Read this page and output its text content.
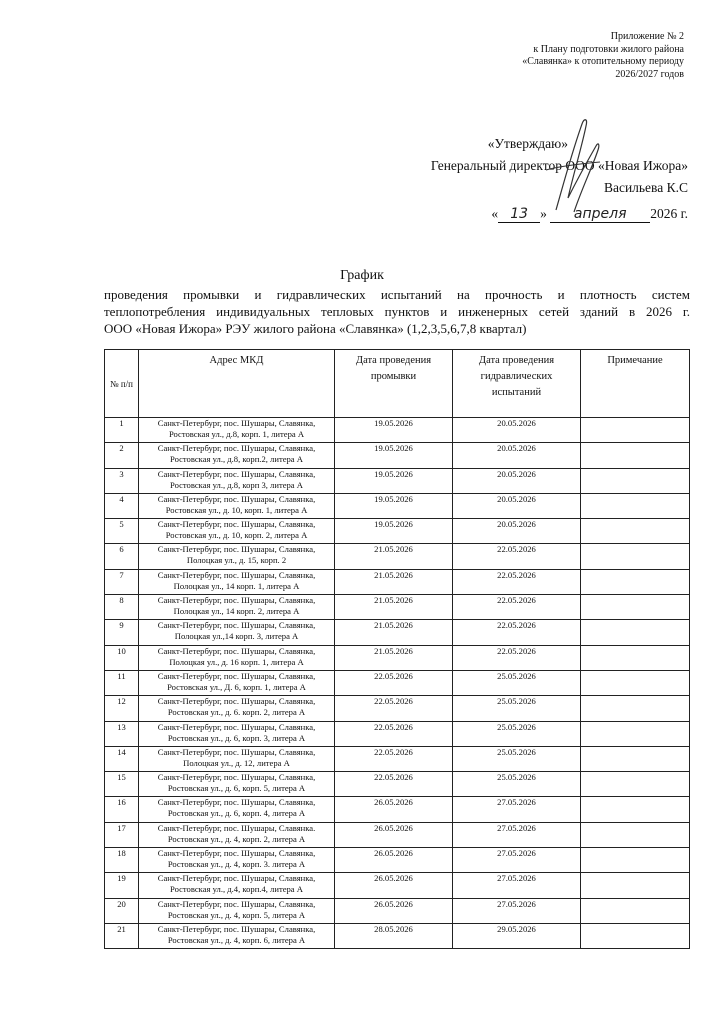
Приложение № 2
к Плану подготовки жилого района
«Славянка» к отопительному периоду
2026/2027 годов
«Утверждаю»
Генеральный директор ООО «Новая Ижора»
Васильева К.С
« 13 » апреля 2026 г.
График
проведения промывки и гидравлических испытаний на прочность и плотность систем
теплопотребления индивидуальных тепловых пунктов и инженерных сетей зданий в 2026 г.
ООО «Новая Ижора» РЭУ жилого района «Славянка» (1,2,3,5,6,7,8 квартал)
№ п/п	Адрес МКД	Дата проведения промывки	Дата проведения гидравлических испытаний	Примечание
1	Санкт-Петербург, пос. Шушары, Славянка,
Ростовская ул., д.8, корп. 1, литера А	19.05.2026	20.05.2026	
2	Санкт-Петербург, пос. Шушары, Славянка,
Ростовская ул., д.8, корп.2, литера А	19.05.2026	20.05.2026	
3	Санкт-Петербург, пос. Шушары, Славянка,
Ростовская ул., д.8, корп 3, литера А	19.05.2026	20.05.2026	
4	Санкт-Петербург, пос. Шушары, Славянка,
Ростовская ул., д. 10, корп. 1, литера А	19.05.2026	20.05.2026	
5	Санкт-Петербург, пос. Шушары, Славянка,
Ростовская ул., д. 10, корп. 2, литера А	19.05.2026	20.05.2026	
6	Санкт-Петербург, пос. Шушары, Славянка,
Полоцкая ул., д. 15, корп. 2	21.05.2026	22.05.2026	
7	Санкт-Петербург, пос. Шушары, Славянка,
Полоцкая ул., 14 корп. 1, литера А	21.05.2026	22.05.2026	
8	Санкт-Петербург, пос. Шушары, Славянка,
Полоцкая ул., 14 корп. 2, литера А	21.05.2026	22.05.2026	
9	Санкт-Петербург, пос. Шушары, Славянка,
Полоцкая ул.,14 корп. 3, литера А	21.05.2026	22.05.2026	
10	Санкт-Петербург, пос. Шушары, Славянка,
Полоцкая ул., д. 16 корп. 1, литера А	21.05.2026	22.05.2026	
11	Санкт-Петербург, пос. Шушары, Славянка,
Ростовская ул., Д. 6, корп. 1, литера А	22.05.2026	25.05.2026	
12	Санкт-Петербург, пос. Шушары, Славянка,
Ростовская ул., д. 6. корп. 2, литера А	22.05.2026	25.05.2026	
13	Санкт-Петербург, пос. Шушары, Славянка,
Ростовская ул., д. 6, корп. 3, литера А	22.05.2026	25.05.2026	
14	Санкт-Петербург, пос. Шушары, Славянка,
Полоцкая ул., д. 12, литера А	22.05.2026	25.05.2026	
15	Санкт-Петербург, пос. Шушары, Славянка,
Ростовская ул., д. 6, корп. 5, литера А	22.05.2026	25.05.2026	
16	Санкт-Петербург, пос. Шушары, Славянка,
Ростовская ул., д. 6, корп. 4, литера А	26.05.2026	27.05.2026	
17	Санкт-Петербург, пос. Шушары, Славянка.
Ростовская ул., д. 4, корп. 2, литера А	26.05.2026	27.05.2026	
18	Санкт-Петербург, пос. Шушары, Славянка,
Ростовская ул., д. 4, корп. 3. литера А	26.05.2026	27.05.2026	
19	Санкт-Петербург, пос. Шушары, Славянка,
Ростовская ул., д.4, корп.4, литера А	26.05.2026	27.05.2026	
20	Санкт-Петербург, пос. Шушары, Славянка,
Ростовская ул., д. 4, корп. 5, литера А	26.05.2026	27.05.2026	
21	Санкт-Петербург, пос. Шушары, Славянка,
Ростовская ул., д. 4, корп. 6, литера А	28.05.2026	29.05.2026	
